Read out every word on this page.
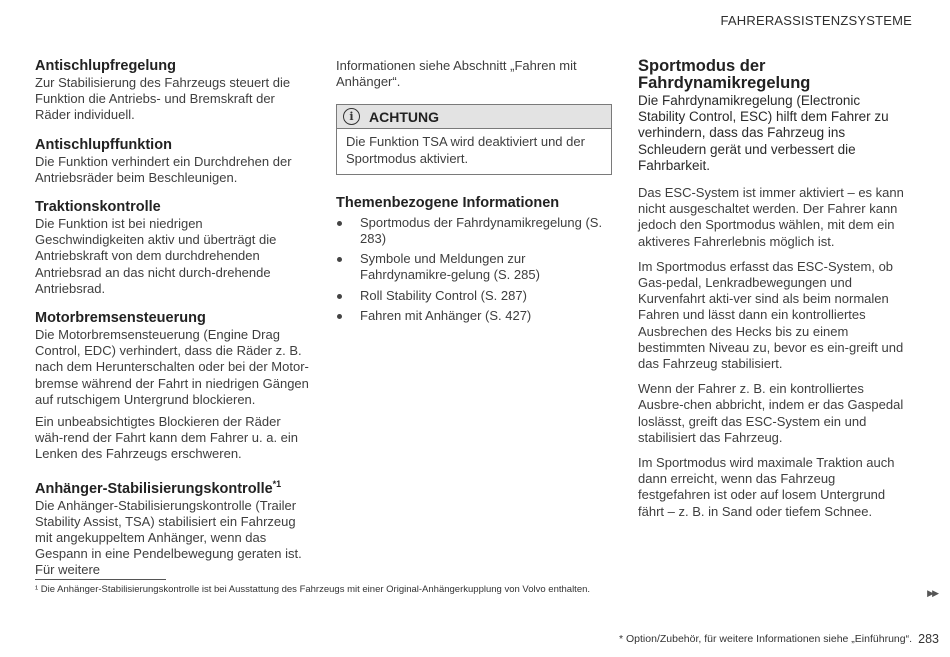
FAHRERASSISTENZSYSTEME

Antischlupfregelung

Zur Stabilisierung des Fahrzeugs steuert die Funktion die Antriebs- und Bremskraft der Räder individuell.

Antischlupffunktion

Die Funktion verhindert ein Durchdrehen der Antriebsräder beim Beschleunigen.

Traktionskontrolle

Die Funktion ist bei niedrigen Geschwindigkeiten aktiv und überträgt die Antriebskraft von dem durchdrehenden Antriebsrad an das nicht durch-drehende Antriebsrad.

Motorbremsensteuerung

Die Motorbremsensteuerung (Engine Drag Control, EDC) verhindert, dass die Räder z. B. nach dem Herunterschalten oder bei der Motor-bremse während der Fahrt in niedrigen Gängen auf rutschigem Untergrund blockieren.

Ein unbeabsichtigtes Blockieren der Räder wäh-rend der Fahrt kann dem Fahrer u. a. ein Lenken des Fahrzeugs erschweren.

Anhänger-Stabilisierungskontrolle$^{*1}$

Die Anhänger-Stabilisierungskontrolle (Trailer Stability Assist, TSA) stabilisiert ein Fahrzeug mit angekuppeltem Anhänger, wenn das Gespann in eine Pendelbewegung geraten ist. Für weitere

Informationen siehe Abschnitt „Fahren mit Anhänger“.

i	ACHTUNG
Die Funktion TSA wird deaktiviert und der Sportmodus aktiviert.

Themenbezogene Informationen

Sportmodus der Fahrdynamikregelung (S. 283)
Symbole und Meldungen zur Fahrdynamikre-gelung (S. 285)
Roll Stability Control (S. 287)
Fahren mit Anhänger (S. 427)

Sportmodus der Fahrdynamikregelung

Die Fahrdynamikregelung (Electronic Stability Control, ESC) hilft dem Fahrer zu verhindern, dass das Fahrzeug ins Schleudern gerät und verbessert die Fahrbarkeit.

Das ESC-System ist immer aktiviert – es kann nicht ausgeschaltet werden. Der Fahrer kann jedoch den Sportmodus wählen, mit dem ein aktiveres Fahrerlebnis möglich ist.

Im Sportmodus erfasst das ESC-System, ob Gas-pedal, Lenkradbewegungen und Kurvenfahrt akti-ver sind als beim normalen Fahren und lässt dann ein kontrolliertes Ausbrechen des Hecks bis zu einem bestimmten Niveau zu, bevor es ein-greift und das Fahrzeug stabilisiert.

Wenn der Fahrer z. B. ein kontrolliertes Ausbre-chen abbricht, indem er das Gaspedal loslässt, greift das ESC-System ein und stabilisiert das Fahrzeug.

Im Sportmodus wird maximale Traktion auch dann erreicht, wenn das Fahrzeug festgefahren ist oder auf losem Untergrund fährt – z. B. in Sand oder tiefem Schnee.

¹ Die Anhänger-Stabilisierungskontrolle ist bei Ausstattung des Fahrzeugs mit einer Original-Anhängerkupplung von Volvo enthalten.	▶▶
* Option/Zubehör, für weitere Informationen siehe „Einführung“. 283
